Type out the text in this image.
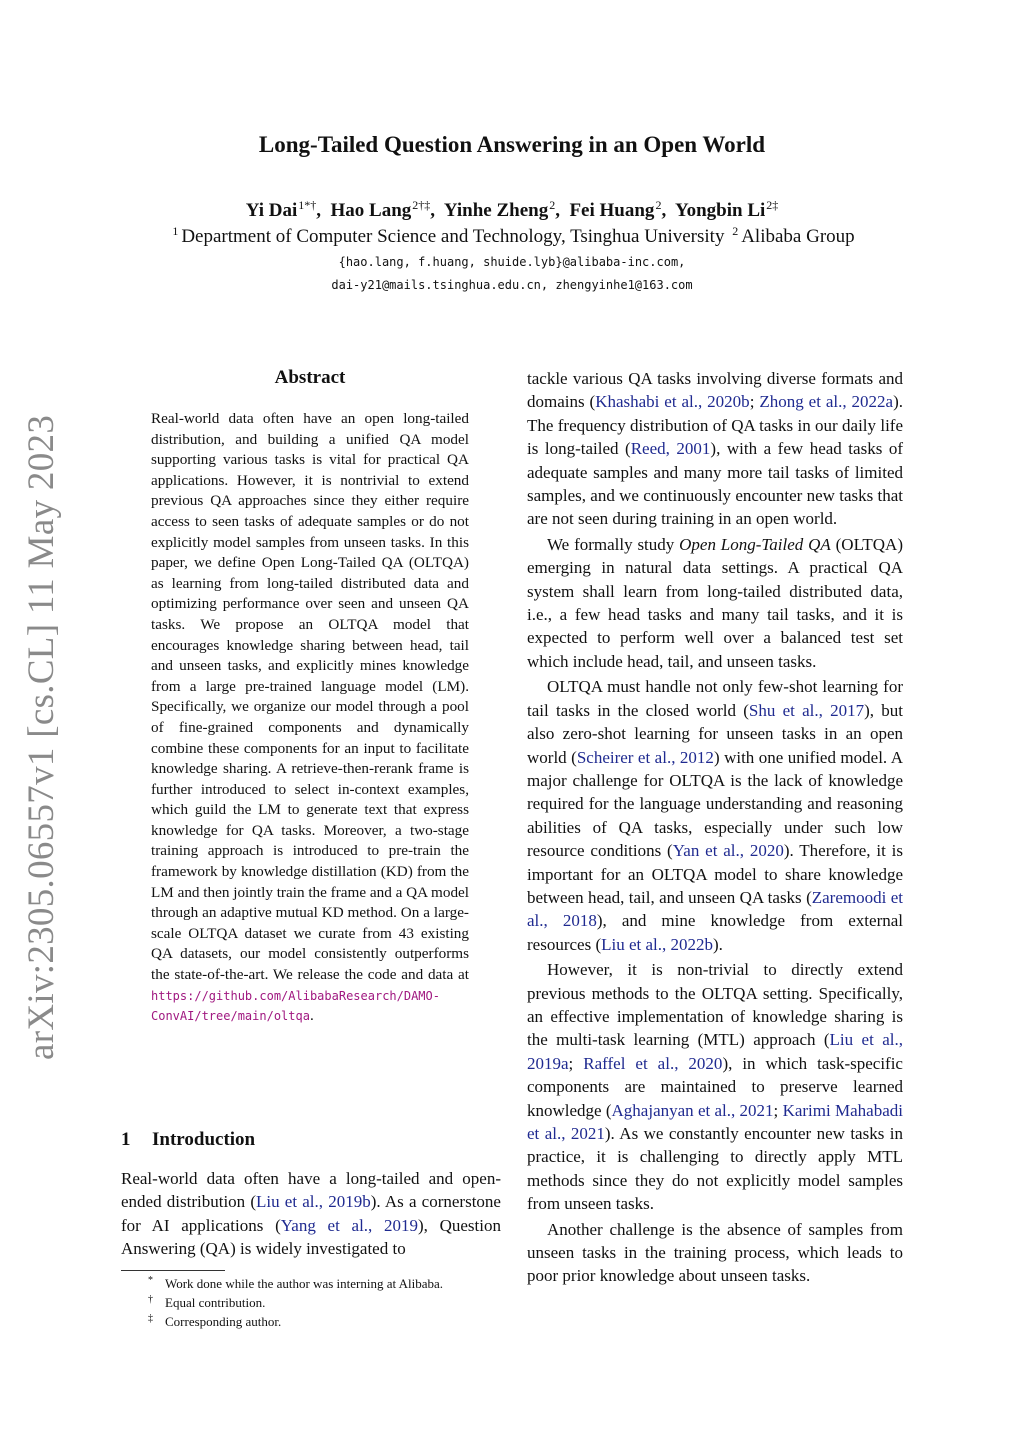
arXiv:2305.06557v1 [cs.CL] 11 May 2023
Long-Tailed Question Answering in an Open World
Yi Dai$^{1*\dagger}$,  Hao Lang$^{2\dagger\ddagger}$,  Yinhe Zheng$^2$,  Fei Huang$^2$,  Yongbin $Li^{2\ddagger}$
$^1$ Department of Computer Science and Technology, Tsinghua University $^2$ Alibaba Group
{hao.lang, f.huang, shuide.lyb}@alibaba-inc.com,
dai-y21@mails.tsinghua.edu.cn, zhengyinhe1@163.com
Abstract
Real-world data often have an open long-tailed distribution, and building a unified QA model supporting various tasks is vital for practical QA applications. However, it is nontrivial to extend previous QA approaches since they either require access to seen tasks of adequate samples or do not explicitly model samples from unseen tasks. In this paper, we define Open Long-Tailed QA (OLTQA) as learning from long-tailed distributed data and optimizing performance over seen and unseen QA tasks. We propose an OLTQA model that encourages knowledge sharing between head, tail and unseen tasks, and explicitly mines knowledge from a large pre-trained language model (LM). Specifically, we organize our model through a pool of fine-grained components and dynamically combine these components for an input to facilitate knowledge sharing. A retrieve-then-rerank frame is further introduced to select in-context examples, which guild the LM to generate text that express knowledge for QA tasks. Moreover, a two-stage training approach is introduced to pre-train the framework by knowledge distillation (KD) from the LM and then jointly train the frame and a QA model through an adaptive mutual KD method. On a large-scale OLTQA dataset we curate from 43 existing QA datasets, our model consistently outperforms the state-of-the-art. We release the code and data at https://github.com/AlibabaResearch/DAMO-ConvAI/tree/main/oltqa.
1 Introduction
Real-world data often have a long-tailed and open-ended distribution (Liu et al., 2019b). As a cornerstone for AI applications (Yang et al., 2019), Question Answering (QA) is widely investigated to
* Work done while the author was interning at Alibaba.
† Equal contribution.
‡ Corresponding author.

tackle various QA tasks involving diverse formats and domains (Khashabi et al., 2020b; Zhong et al., 2022a). The frequency distribution of QA tasks in our daily life is long-tailed (Reed, 2001), with a few head tasks of adequate samples and many more tail tasks of limited samples, and we continuously encounter new tasks that are not seen during training in an open world.

We formally study Open Long-Tailed QA (OLTQA) emerging in natural data settings. A practical QA system shall learn from long-tailed distributed data, i.e., a few head tasks and many tail tasks, and it is expected to perform well over a balanced test set which include head, tail, and unseen tasks.

OLTQA must handle not only few-shot learning for tail tasks in the closed world (Shu et al., 2017), but also zero-shot learning for unseen tasks in an open world (Scheirer et al., 2012) with one unified model. A major challenge for OLTQA is the lack of knowledge required for the language understanding and reasoning abilities of QA tasks, especially under such low resource conditions (Yan et al., 2020). Therefore, it is important for an OLTQA model to share knowledge between head, tail, and unseen QA tasks (Zaremoodi et al., 2018), and mine knowledge from external resources (Liu et al., 2022b).

However, it is non-trivial to directly extend previous methods to the OLTQA setting. Specifically, an effective implementation of knowledge sharing is the multi-task learning (MTL) approach (Liu et al., 2019a; Raffel et al., 2020), in which task-specific components are maintained to preserve learned knowledge (Aghajanyan et al., 2021; Karimi Mahabadi et al., 2021). As we constantly encounter new tasks in practice, it is challenging to directly apply MTL methods since they do not explicitly model samples from unseen tasks.

Another challenge is the absence of samples from unseen tasks in the training process, which leads to poor prior knowledge about unseen tasks.
